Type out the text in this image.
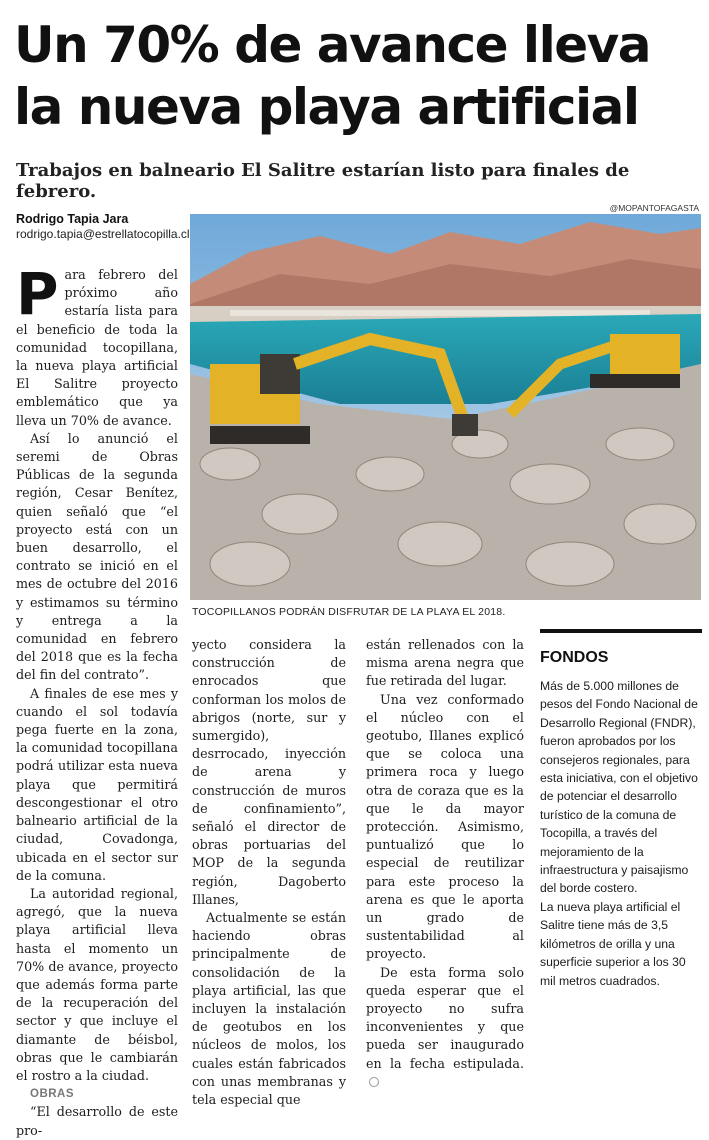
Un 70% de avance lleva la nueva playa artificial

Trabajos en balneario El Salitre estarían listo para finales de febrero.

Rodrigo Tapia Jara
rodrigo.tapia@estrellatocopilla.cl
@MOPANTOFAGASTA
TOCOPILLANOS PODRÁN DISFRUTAR DE LA PLAYA EL 2018.

Para febrero del próximo año estaría lista para el beneficio de toda la comunidad tocopillana, la nueva playa artificial El Salitre proyecto emblemático que ya lleva un 70% de avance.

Así lo anunció el seremi de Obras Públicas de la segunda región, Cesar Benítez, quien señaló que “el proyecto está con un buen desarrollo, el contrato se inició en el mes de octubre del 2016 y estimamos su término y entrega a la comunidad en febrero del 2018 que es la fecha del fin del contrato”.

A finales de ese mes y cuando el sol todavía pega fuerte en la zona, la comunidad tocopillana podrá utilizar esta nueva playa que permitirá descongestionar el otro balneario artificial de la ciudad, Covadonga, ubicada en el sector sur de la comuna.

La autoridad regional, agregó, que la nueva playa artificial lleva hasta el momento un 70% de avance, proyecto que además forma parte de la recuperación del sector y que incluye el diamante de béisbol, obras que le cambiarán el rostro a la ciudad.

OBRAS

“El desarrollo de este pro-

yecto considera la construcción de enrocados que conforman los molos de abrigos (norte, sur y sumergido), desrrocado, inyección de arena y construcción de muros de confinamiento”, señaló el director de obras portuarias del MOP de la segunda región, Dagoberto Illanes,

Actualmente se están haciendo obras principalmente de consolidación de la playa artificial, las que incluyen la instalación de geotubos en los núcleos de molos, los cuales están fabricados con unas membranas y tela especial que

están rellenados con la misma arena negra que fue retirada del lugar.

Una vez conformado el núcleo con el geotubo, Illanes explicó que se coloca una primera roca y luego otra de coraza que es la que le da mayor protección. Asimismo, puntualizó que lo especial de reutilizar para este proceso la arena es que le aporta un grado de sustentabilidad al proyecto.

De esta forma solo queda esperar que el proyecto no sufra inconvenientes y que pueda ser inaugurado en la fecha estipulada.

FONDOS

Más de 5.000 millones de pesos del Fondo Nacional de Desarrollo Regional (FNDR), fueron aprobados por los consejeros regionales, para esta iniciativa, con el objetivo de potenciar el desarrollo turístico de la comuna de Tocopilla, a través del mejoramiento de la infraestructura y paisajismo del borde costero.

La nueva playa artificial el Salitre tiene más de 3,5 kilómetros de orilla y una superficie superior a los 30 mil metros cuadrados.
